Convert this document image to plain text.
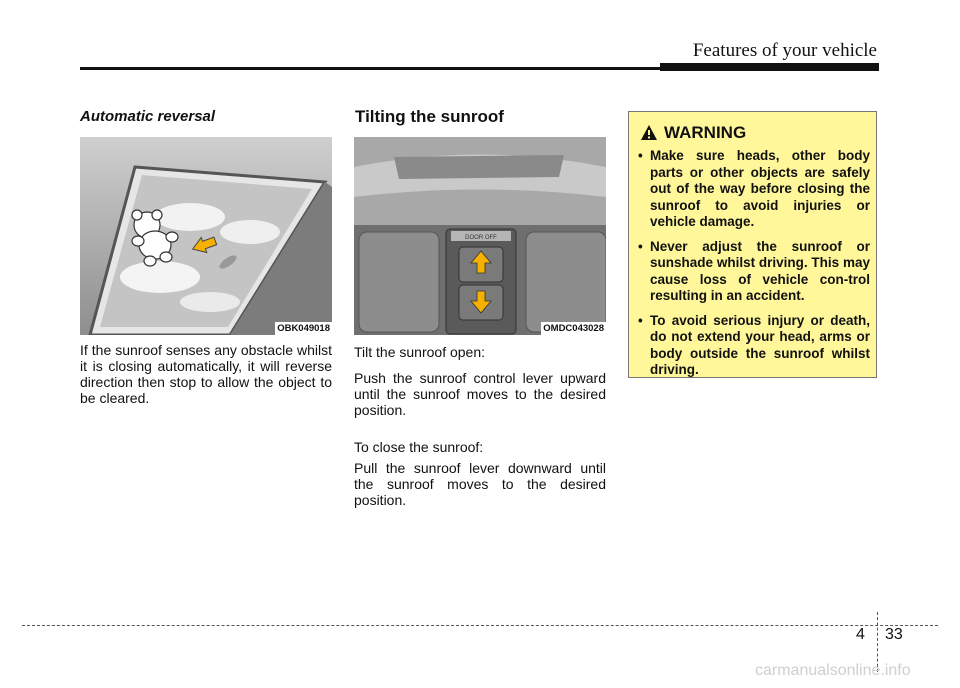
Features of your vehicle
Automatic reversal
OBK049018
If the sunroof senses any obstacle whilst it is closing automatically, it will reverse direction then stop to allow the object to be cleared.
Tilting the sunroof
DOOR OFF
OMDC043028
Tilt the sunroof open:
Push the sunroof control lever upward until the sunroof moves to the desired position.
To close the sunroof:
Pull the sunroof lever downward until the sunroof moves to the desired position.
WARNING
• Make sure heads, other body parts or other objects are safely out of the way before closing the sunroof to avoid injuries or vehicle damage.
• Never adjust the sunroof or sunshade whilst driving. This may cause loss of vehicle con-trol resulting in an accident.
• To avoid serious injury or death, do not extend your head, arms or body outside the sunroof whilst driving.
4 33
carmanualsonline.info
